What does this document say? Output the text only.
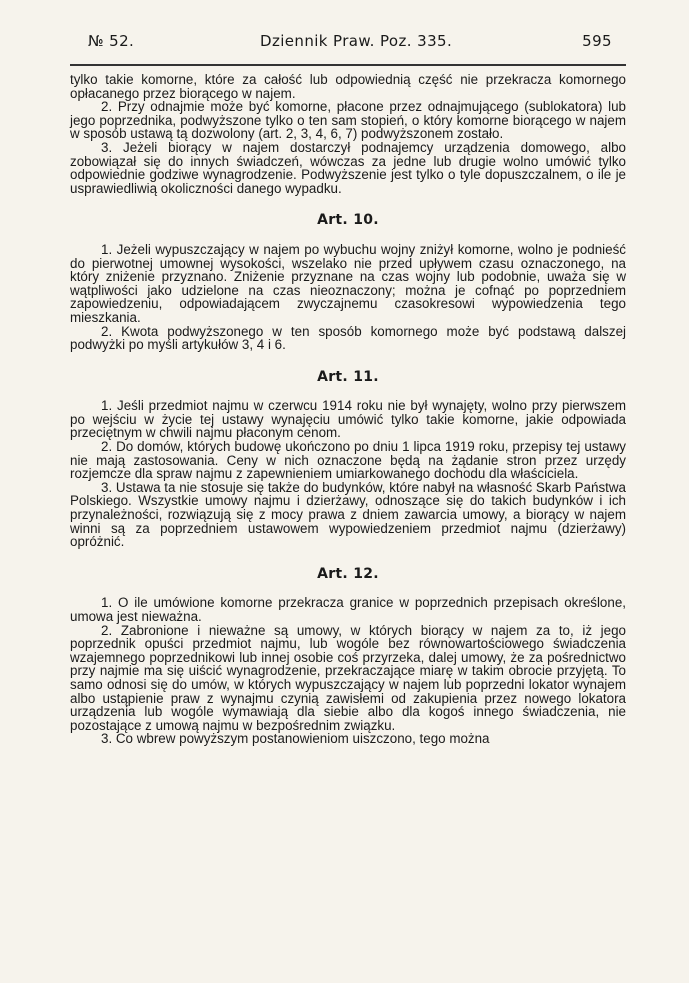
№ 52.	Dziennik Praw. Poz. 335.	595

tylko takie komorne, które za całość lub odpowiednią część nie przekracza komornego opłacanego przez biorącego w najem.

2. Przy odnajmie może być komorne, płacone przez odnajmującego (sublokatora) lub jego poprzednika, podwyższone tylko o ten sam stopień, o który komorne biorącego w najem w sposób ustawą tą dozwolony (art. 2, 3, 4, 6, 7) podwyższonem zostało.

3. Jeżeli biorący w najem dostarczył podnajemcy urządzenia domowego, albo zobowiązał się do innych świadczeń, wówczas za jedne lub drugie wolno umówić tylko odpowiednie godziwe wynagrodzenie. Podwyższenie jest tylko o tyle dopuszczalnem, o ile je usprawiedliwią okoliczności danego wypadku.

Art. 10.

1. Jeżeli wypuszczający w najem po wybuchu wojny zniżył komorne, wolno je podnieść do pierwotnej umownej wysokości, wszelako nie przed upływem czasu oznaczonego, na który zniżenie przyznano. Zniżenie przyznane na czas wojny lub podobnie, uważa się w wątpliwości jako udzielone na czas nieoznaczony; można je cofnąć po poprzedniem zapowiedzeniu, odpowiadającem zwyczajnemu czasokresowi wypowiedzenia tego mieszkania.

2. Kwota podwyższonego w ten sposób komornego może być podstawą dalszej podwyżki po myśli artykułów 3, 4 i 6.

Art. 11.

1. Jeśli przedmiot najmu w czerwcu 1914 roku nie był wynajęty, wolno przy pierwszem po wejściu w życie tej ustawy wynajęciu umówić tylko takie komorne, jakie odpowiada przeciętnym w chwili najmu płaconym cenom.

2. Do domów, których budowę ukończono po dniu 1 lipca 1919 roku, przepisy tej ustawy nie mają zastosowania. Ceny w nich oznaczone będą na żądanie stron przez urzędy rozjemcze dla spraw najmu z zapewnieniem umiarkowanego dochodu dla właściciela.

3. Ustawa ta nie stosuje się także do budynków, które nabył na własność Skarb Państwa Polskiego. Wszystkie umowy najmu i dzierżawy, odnoszące się do takich budynków i ich przynależności, rozwiązują się z mocy prawa z dniem zawarcia umowy, a biorący w najem winni są za poprzedniem ustawowem wypowiedzeniem przedmiot najmu (dzierżawy) opróżnić.

Art. 12.

1. O ile umówione komorne przekracza granice w poprzednich przepisach określone, umowa jest nieważna.

2. Zabronione i nieważne są umowy, w których biorący w najem za to, iż jego poprzednik opuści przedmiot najmu, lub wogóle bez równowartościowego świadczenia wzajemnego poprzednikowi lub innej osobie coś przyrzeka, dalej umowy, że za pośrednictwo przy najmie ma się uiścić wynagrodzenie, przekraczające miarę w takim obrocie przyjętą. To samo odnosi się do umów, w których wypuszczający w najem lub poprzedni lokator wynajem albo ustąpienie praw z wynajmu czynią zawisłemi od zakupienia przez nowego lokatora urządzenia lub wogóle wymawiają dla siebie albo dla kogoś innego świadczenia, nie pozostające z umową najmu w bezpośrednim związku.

3. Co wbrew powyższym postanowieniom uiszczono, tego można
